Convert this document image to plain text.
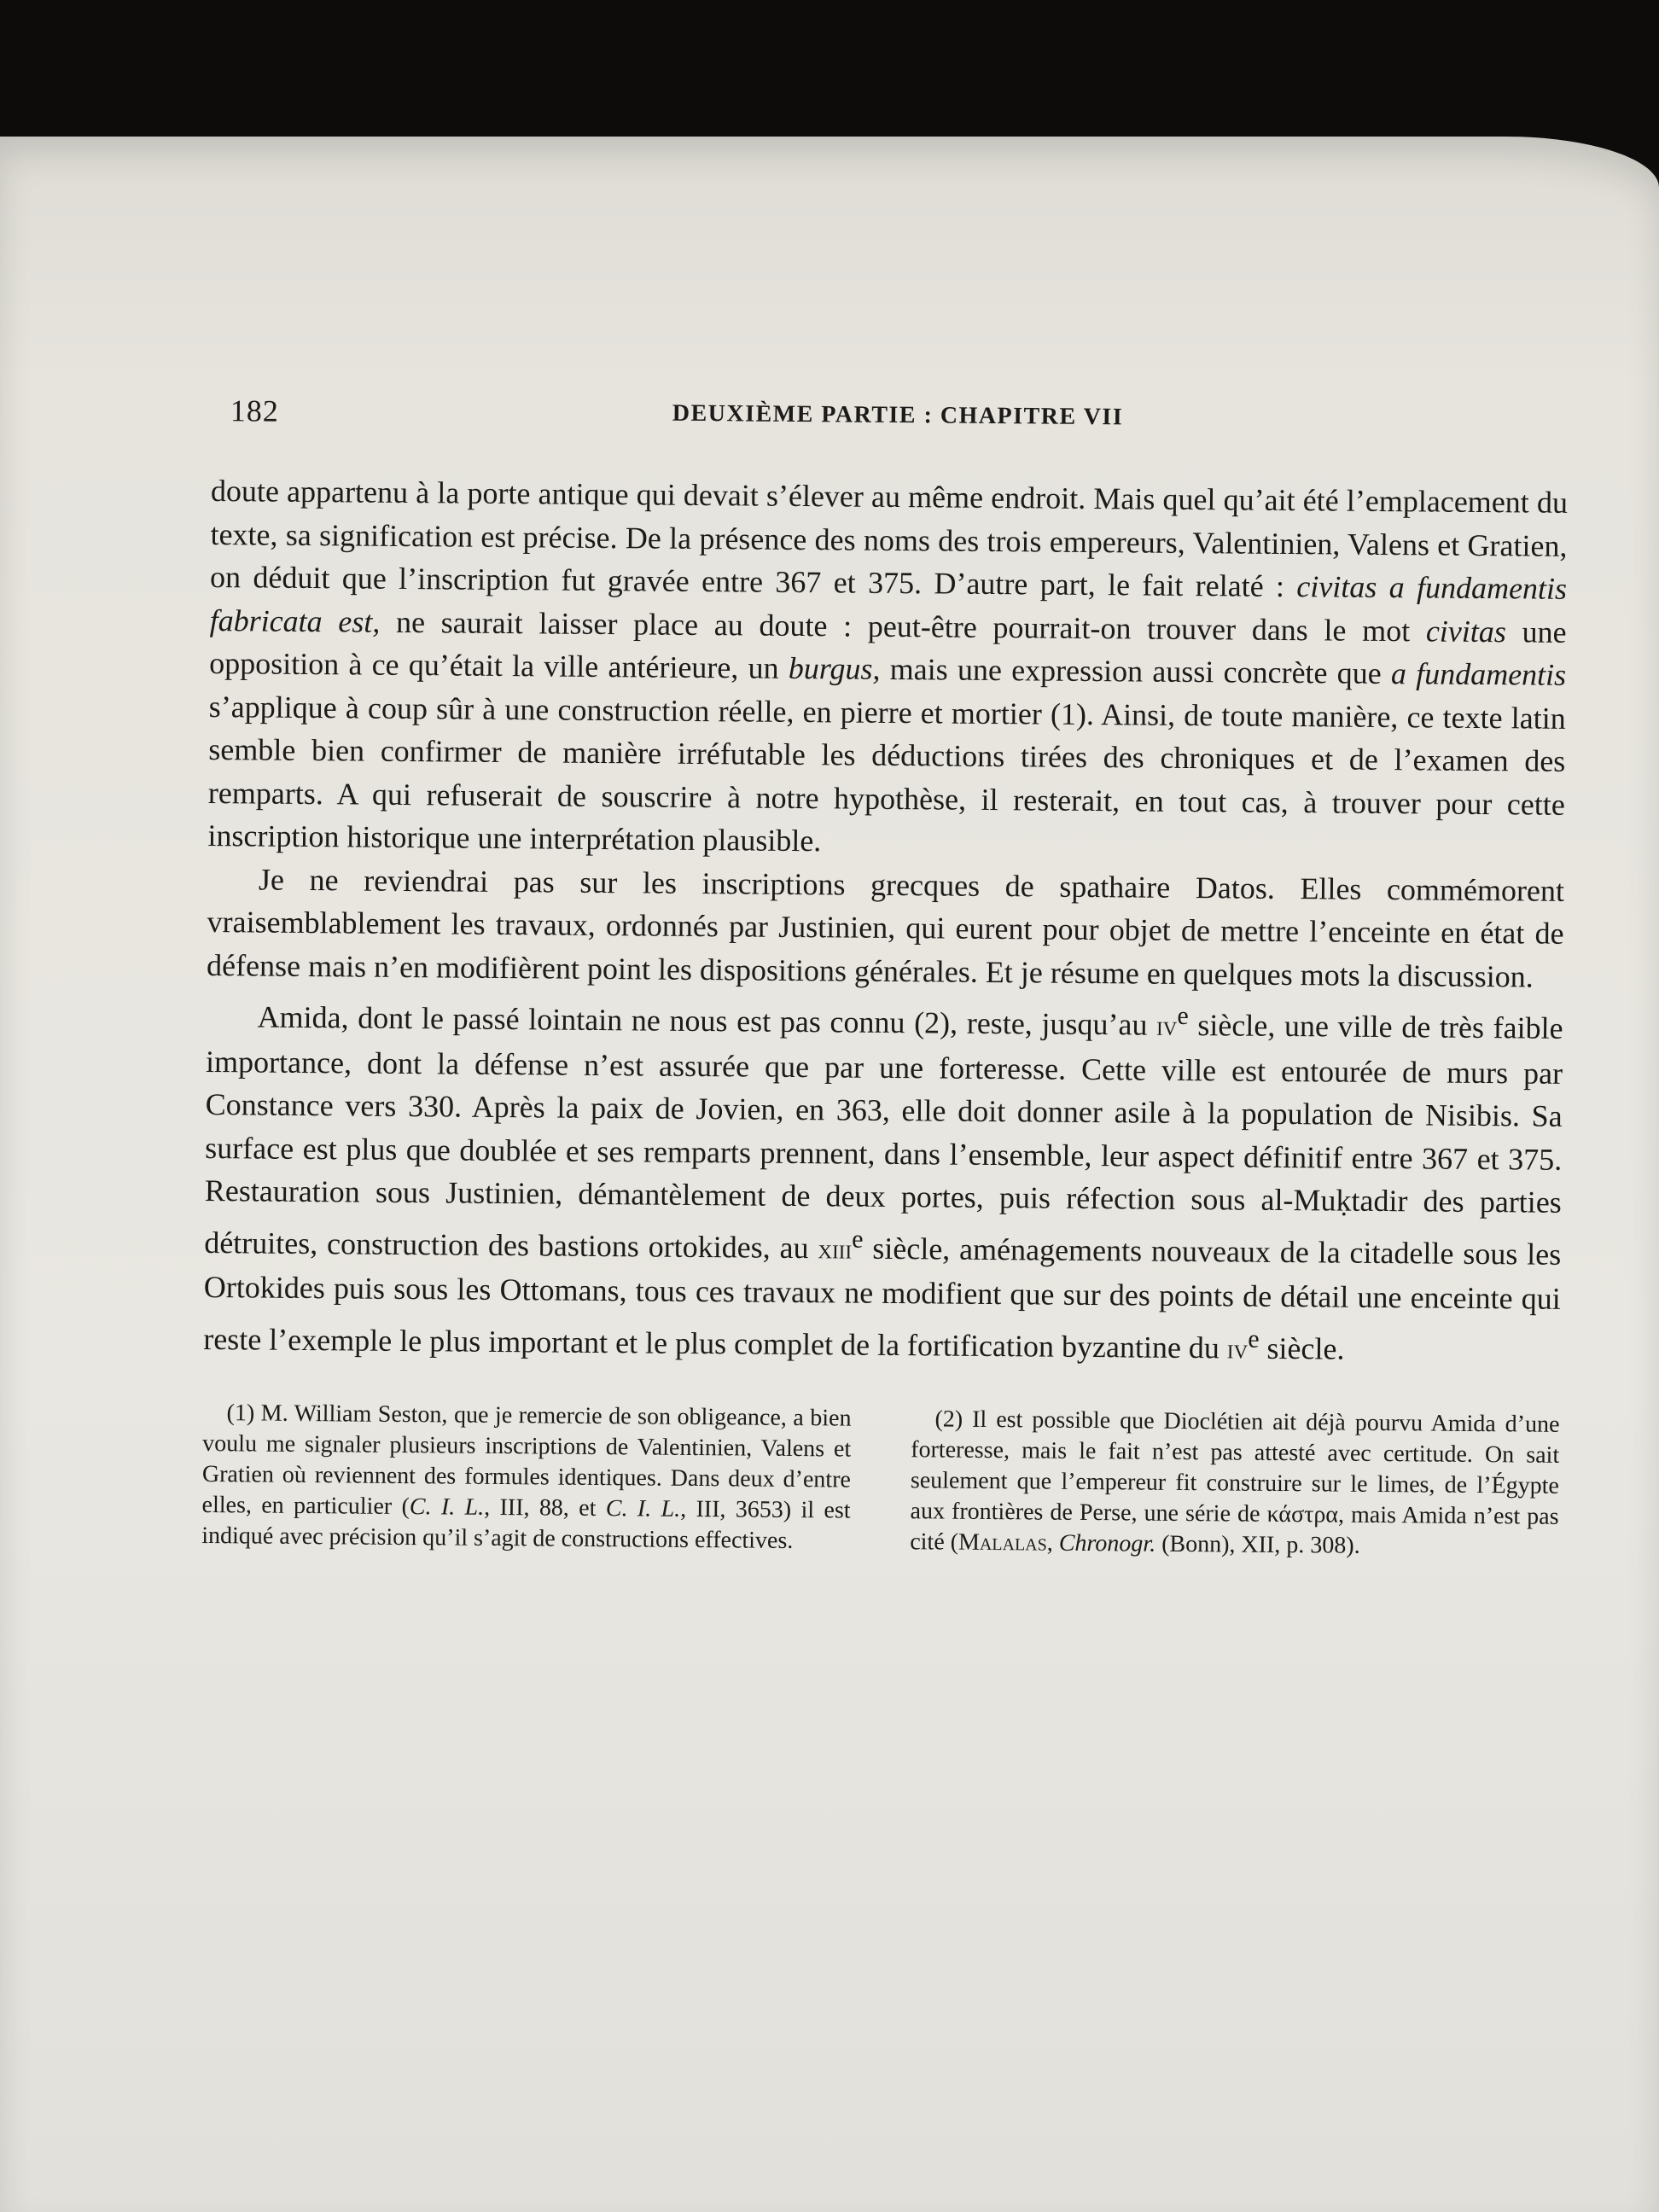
182	DEUXIÈME PARTIE : CHAPITRE VII

doute appartenu à la porte antique qui devait s’élever au même endroit. Mais quel qu’ait été l’emplacement du texte, sa signification est précise. De la présence des noms des trois empereurs, Valentinien, Valens et Gratien, on déduit que l’inscription fut gravée entre 367 et 375. D’autre part, le fait relaté : civitas a fundamentis fabricata est, ne saurait laisser place au doute : peut-être pourrait-on trouver dans le mot civitas une opposition à ce qu’était la ville antérieure, un burgus, mais une expression aussi concrète que a fundamentis s’applique à coup sûr à une construction réelle, en pierre et mortier (1). Ainsi, de toute manière, ce texte latin semble bien confirmer de manière irréfutable les déductions tirées des chroniques et de l’examen des remparts. A qui refuserait de souscrire à notre hypothèse, il resterait, en tout cas, à trouver pour cette inscription historique une interprétation plausible.

Je ne reviendrai pas sur les inscriptions grecques de spathaire Datos. Elles commémorent vraisemblablement les travaux, ordonnés par Justinien, qui eurent pour objet de mettre l’enceinte en état de défense mais n’en modifièrent point les dispositions générales. Et je résume en quelques mots la discussion.

Amida, dont le passé lointain ne nous est pas connu (2), reste, jusqu’au $iv^e$ siècle, une ville de très faible importance, dont la défense n’est assurée que par une forteresse. Cette ville est entourée de murs par Constance vers 330. Après la paix de Jovien, en 363, elle doit donner asile à la population de Nisibis. Sa surface est plus que doublée et ses remparts prennent, dans l’ensemble, leur aspect définitif entre 367 et 375. Restauration sous Justinien, démantèlement de deux portes, puis réfection sous al-Muḳtadir des parties détruites, construction des bastions ortokides, au xiii$^e$ siècle, aménagements nouveaux de la citadelle sous les Ortokides puis sous les Ottomans, tous ces travaux ne modifient que sur des points de détail une enceinte qui reste l’exemple le plus important et le plus complet de la fortification byzantine du $iv^e$ siècle.

(1) M. William Seston, que je remercie de son obligeance, a bien voulu me signaler plusieurs inscriptions de Valentinien, Valens et Gratien où reviennent des formules identiques. Dans deux d’entre elles, en particulier (C. I. L., III, 88, et C. I. L., III, 3653) il est indiqué avec précision qu’il s’agit de constructions effectives.
(2) Il est possible que Dioclétien ait déjà pourvu Amida d’une forteresse, mais le fait n’est pas attesté avec certitude. On sait seulement que l’empereur fit construire sur le limes, de l’Égypte aux frontières de Perse, une série de κάστρα, mais Amida n’est pas cité (Malalas, Chronogr. (Bonn), XII, p. 308).
